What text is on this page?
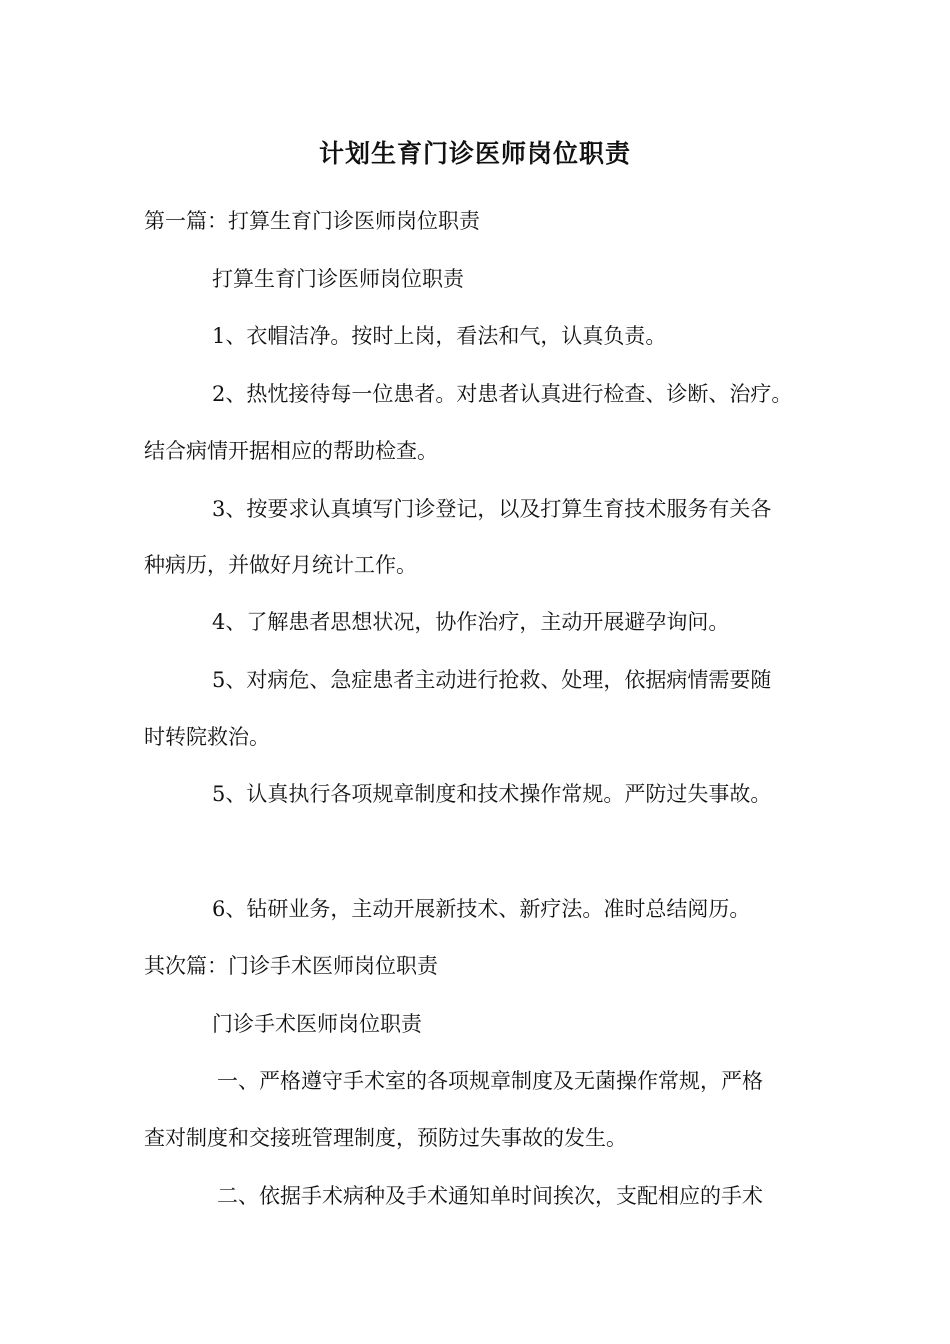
计划生育门诊医师岗位职责
第一篇：打算生育门诊医师岗位职责
打算生育门诊医师岗位职责
1、衣帽洁净。按时上岗，看法和气，认真负责。
2、热忱接待每一位患者。对患者认真进行检查、诊断、治疗。
结合病情开据相应的帮助检查。
3、按要求认真填写门诊登记，以及打算生育技术服务有关各
种病历，并做好月统计工作。
4、了解患者思想状况，协作治疗，主动开展避孕询问。
5、对病危、急症患者主动进行抢救、处理，依据病情需要随
时转院救治。
5、认真执行各项规章制度和技术操作常规。严防过失事故。
6、钻研业务，主动开展新技术、新疗法。准时总结阅历。
其次篇：门诊手术医师岗位职责
门诊手术医师岗位职责
一、严格遵守手术室的各项规章制度及无菌操作常规，严格
查对制度和交接班管理制度，预防过失事故的发生。
二、依据手术病种及手术通知单时间挨次，支配相应的手术
